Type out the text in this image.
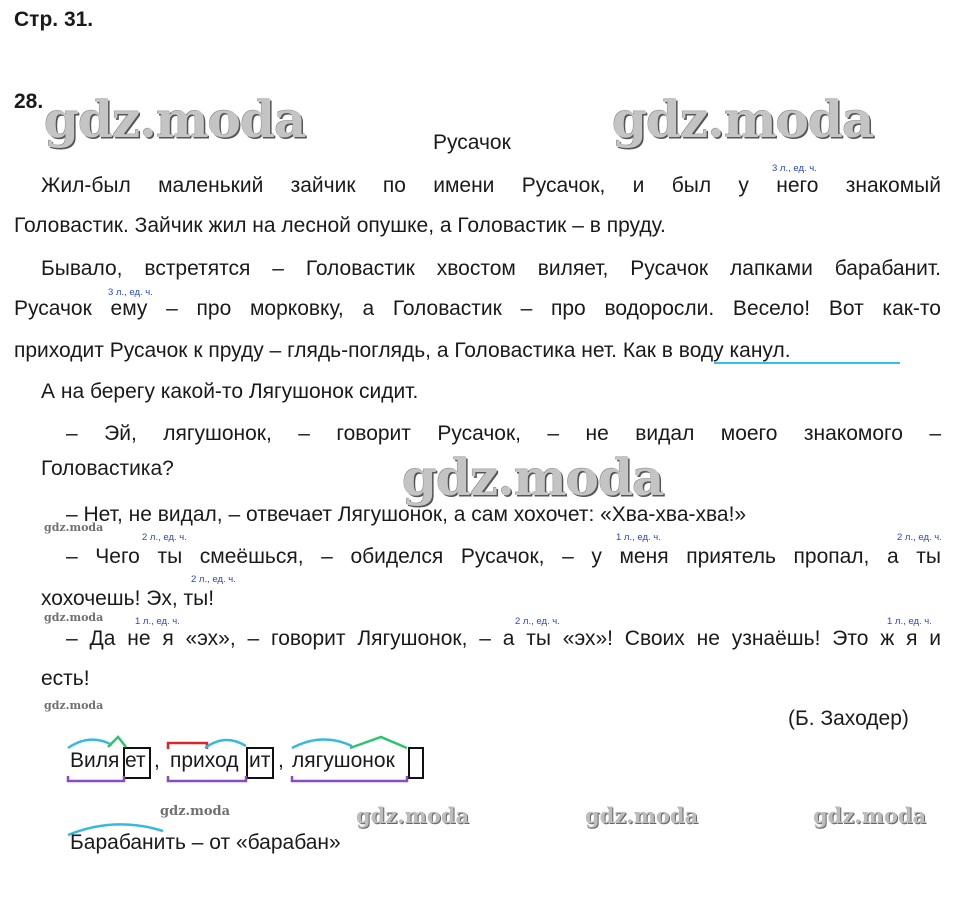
Стр. 31.
28. gdz.moda	gdz.moda
gdz.moda
Русачок
3 л., ед. ч.
3 л., ед. ч.
2 л., ед. ч.	1 л., ед. ч.	2 л., ед. ч.
2 л., ед. ч.
1 л., ед. ч.	2 л., ед. ч.	1 л., ед. ч.
Жил-был маленький зайчик по имени Русачок, и был у него знакомый
Головастик. Зайчик жил на лесной опушке, а Головастик – в пруду.
Бывало, встретятся – Головастик хвостом виляет, Русачок лапками барабанит.
Русачок ему – про морковку, а Головастик – про водоросли. Весело! Вот как-то
приходит Русачок к пруду – глядь-поглядь, а Головастика нет. Как в воду канул.
А на берегу какой-то Лягушонок сидит.
– Эй, лягушонок, – говорит Русачок, – не видал моего знакомого –
Головастика?
– Нет, не видал, – отвечает Лягушонок, а сам хохочет: «Хва-хва-хва!»
– Чего ты смеёшься, – обиделся Русачок, – у меня приятель пропал, а ты
хохочешь! Эх, ты!
– Да не я «эх», – говорит Лягушонок, – а ты «эх»! Своих не узнаёшь! Это ж я и
есть!
(Б. Заходер)
gdz.moda
gdz.moda
gdz.moda
gdz.moda	gdz.moda	gdz.moda	gdz.moda
Виля ет , приход ит , лягушонок
Барабанить – от «барабан»
